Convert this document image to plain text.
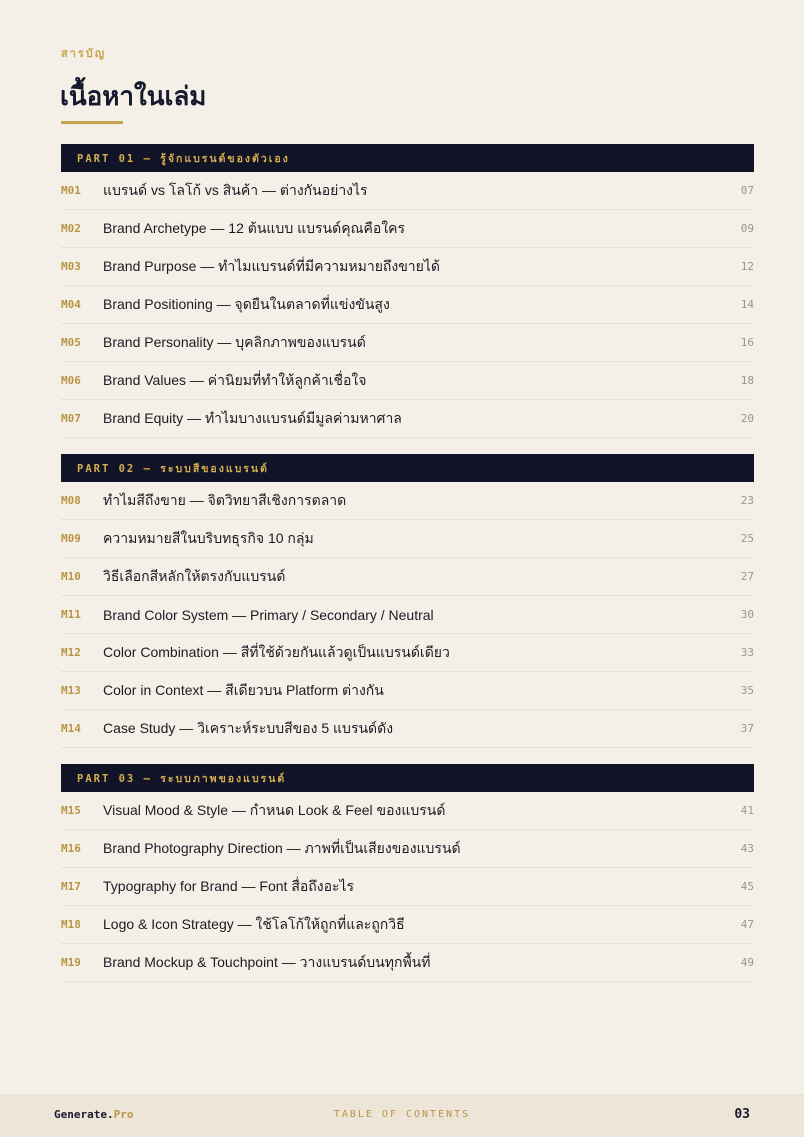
สารบัญ
เนื้อหาในเล่ม
PART 01 — รู้จักแบรนด์ของตัวเอง
M01	แบรนด์ vs โลโก้ vs สินค้า — ต่างกันอย่างไร	07
M02	Brand Archetype — 12 ต้นแบบ แบรนด์คุณคือใคร	09
M03	Brand Purpose — ทำไมแบรนด์ที่มีความหมายถึงขายได้	12
M04	Brand Positioning — จุดยืนในตลาดที่แข่งขันสูง	14
M05	Brand Personality — บุคลิกภาพของแบรนด์	16
M06	Brand Values — ค่านิยมที่ทำให้ลูกค้าเชื่อใจ	18
M07	Brand Equity — ทำไมบางแบรนด์มีมูลค่ามหาศาล	20
PART 02 — ระบบสีของแบรนด์
M08	ทำไมสีถึงขาย — จิตวิทยาสีเชิงการตลาด	23
M09	ความหมายสีในบริบทธุรกิจ 10 กลุ่ม	25
M10	วิธีเลือกสีหลักให้ตรงกับแบรนด์	27
M11	Brand Color System — Primary / Secondary / Neutral	30
M12	Color Combination — สีที่ใช้ด้วยกันแล้วดูเป็นแบรนด์เดียว	33
M13	Color in Context — สีเดียวบน Platform ต่างกัน	35
M14	Case Study — วิเคราะห์ระบบสีของ 5 แบรนด์ดัง	37
PART 03 — ระบบภาพของแบรนด์
M15	Visual Mood & Style — กำหนด Look & Feel ของแบรนด์	41
M16	Brand Photography Direction — ภาพที่เป็นเสียงของแบรนด์	43
M17	Typography for Brand — Font สื่อถึงอะไร	45
M18	Logo & Icon Strategy — ใช้โลโก้ให้ถูกที่และถูกวิธี	47
M19	Brand Mockup & Touchpoint — วางแบรนด์บนทุกพื้นที่	49
Generate.Pro	TABLE OF CONTENTS	03
